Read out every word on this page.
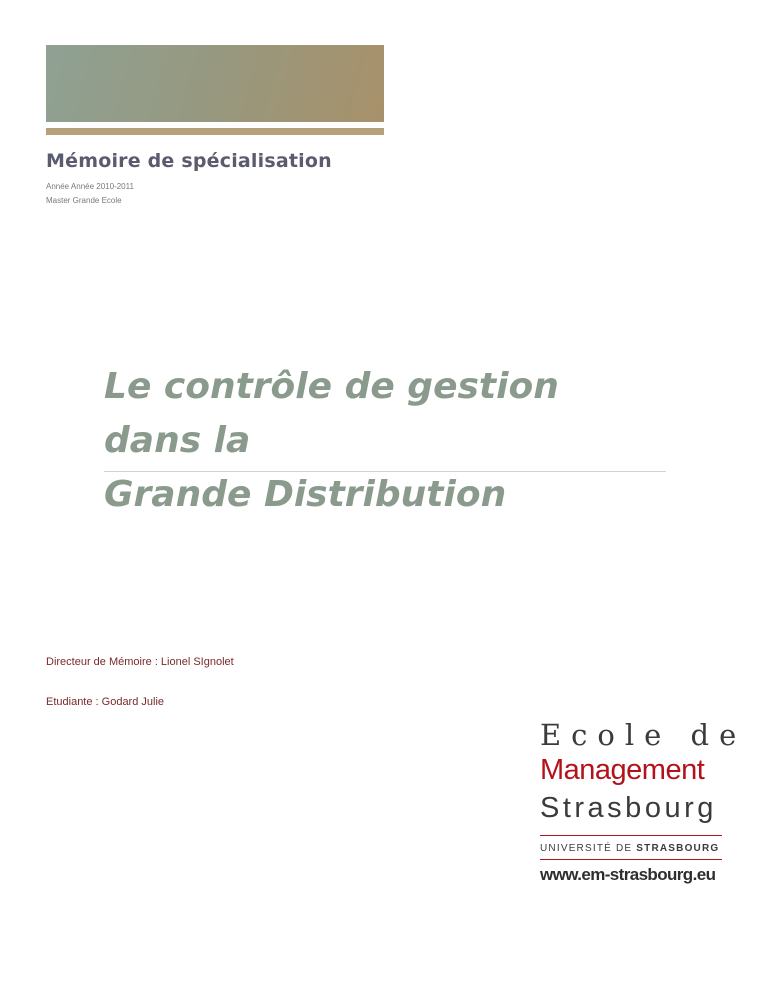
Mémoire de spécialisation

Année Année 2010-2011

Master Grande Ecole

Le contrôle de gestion dans la
Grande Distribution

Directeur de Mémoire : Lionel SIgnolet

Etudiante : Godard Julie

Ecole de
Management
Strasbourg
UNIVERSITÉ DE STRASBOURG
www.em-strasbourg.eu
